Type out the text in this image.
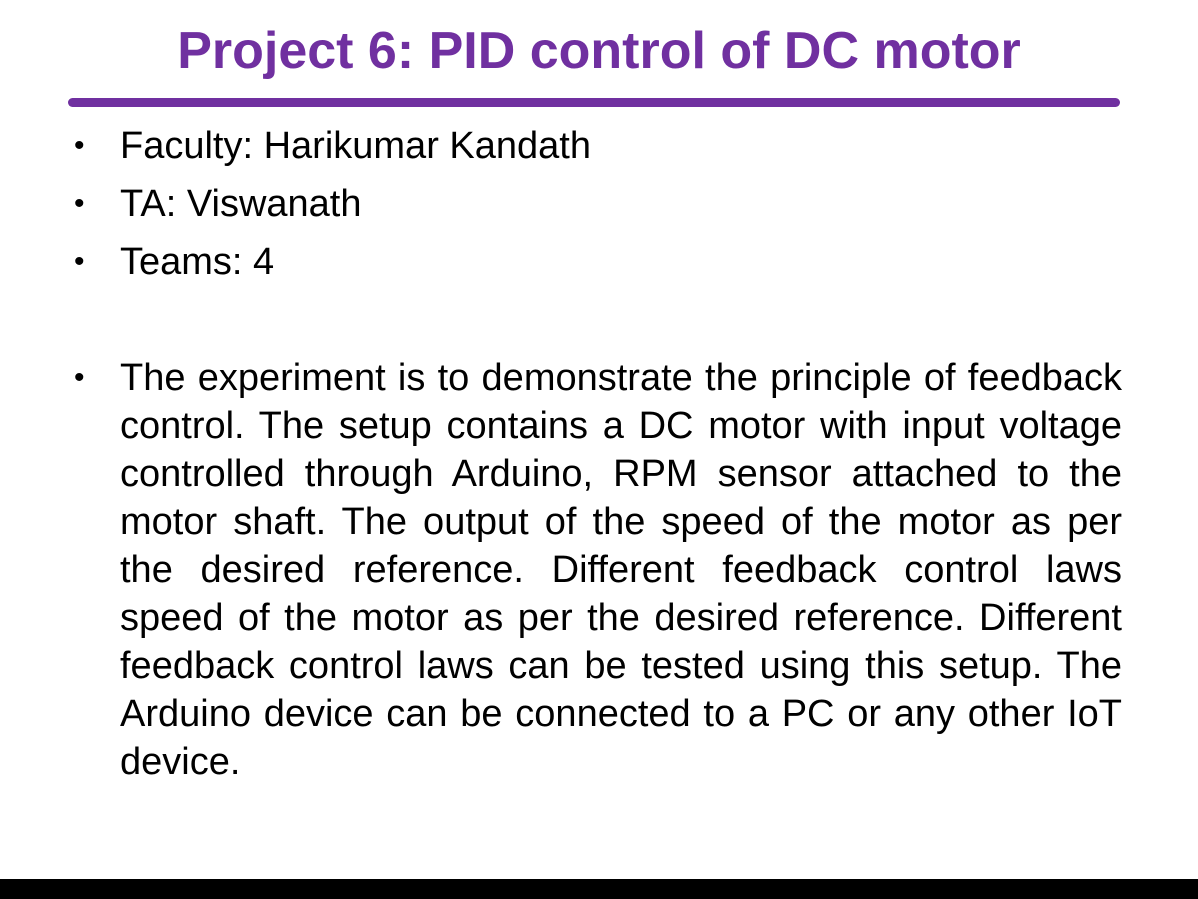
Project 6: PID control of DC motor
• Faculty: Harikumar Kandath
• TA: Viswanath
• Teams: 4
• The experiment is to demonstrate the principle of feedback control. The setup contains a DC motor with input voltage controlled through Arduino, RPM sensor attached to the motor shaft. The output of the speed of the motor as per the desired reference. Different feedback control laws speed of the motor as per the desired reference. Different feedback control laws can be tested using this setup. The Arduino device can be connected to a PC or any other IoT device.
